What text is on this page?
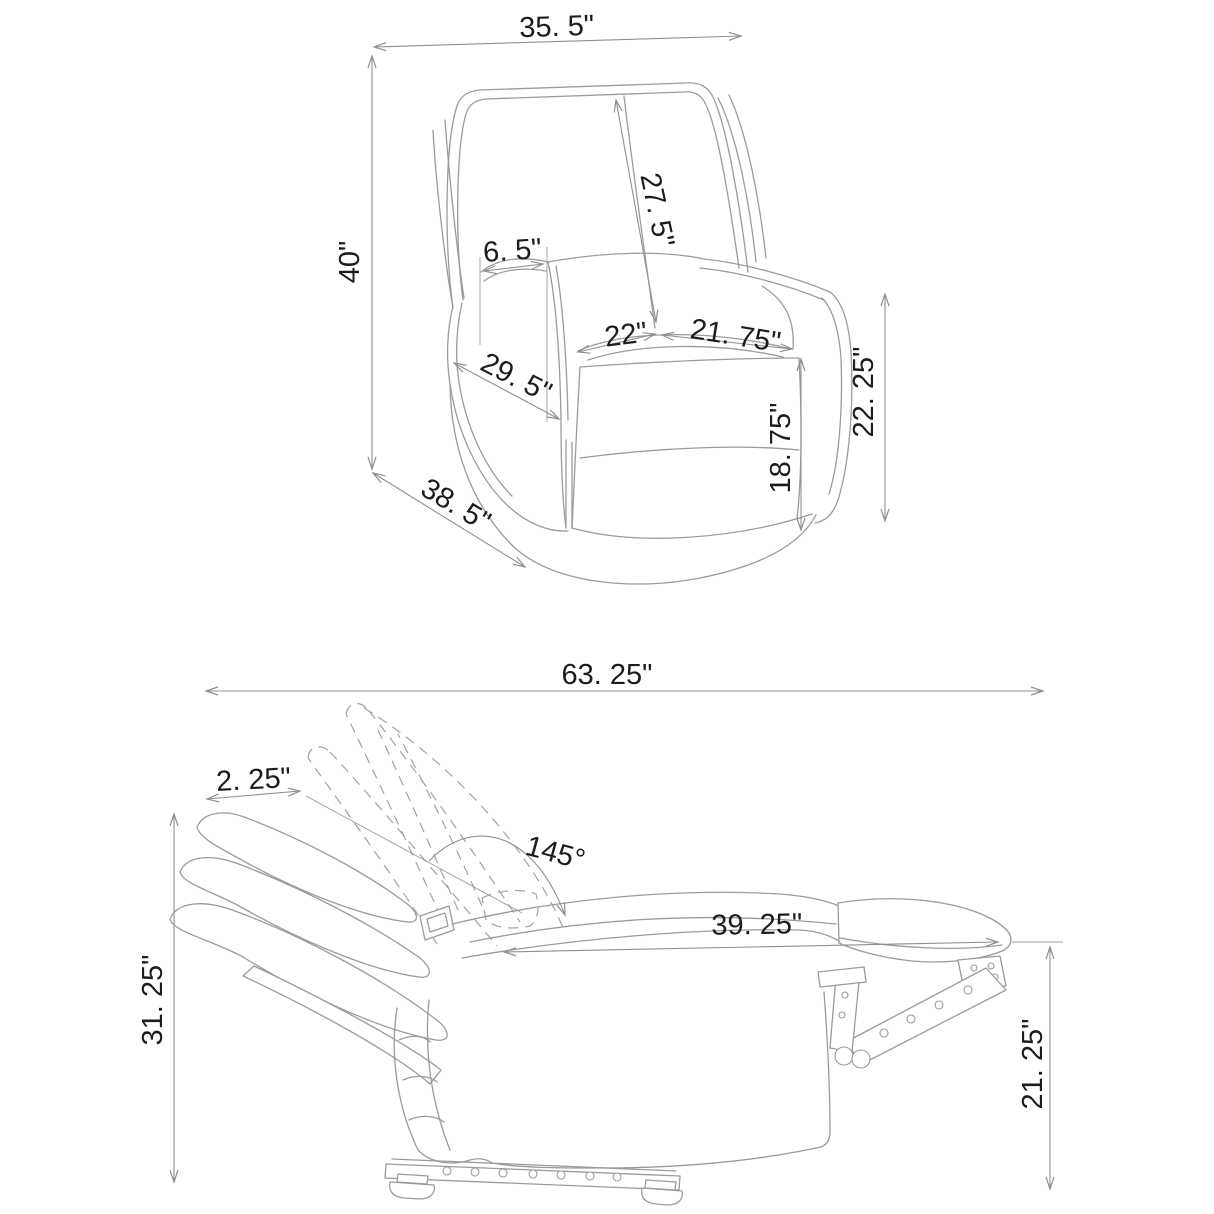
35. 5"
40"
27. 5"
6. 5"
22" 21. 75"
29. 5"
18. 75"
22. 25"
38. 5"
63. 25"
2. 25"
145°
39. 25"
31. 25"
21. 25"
